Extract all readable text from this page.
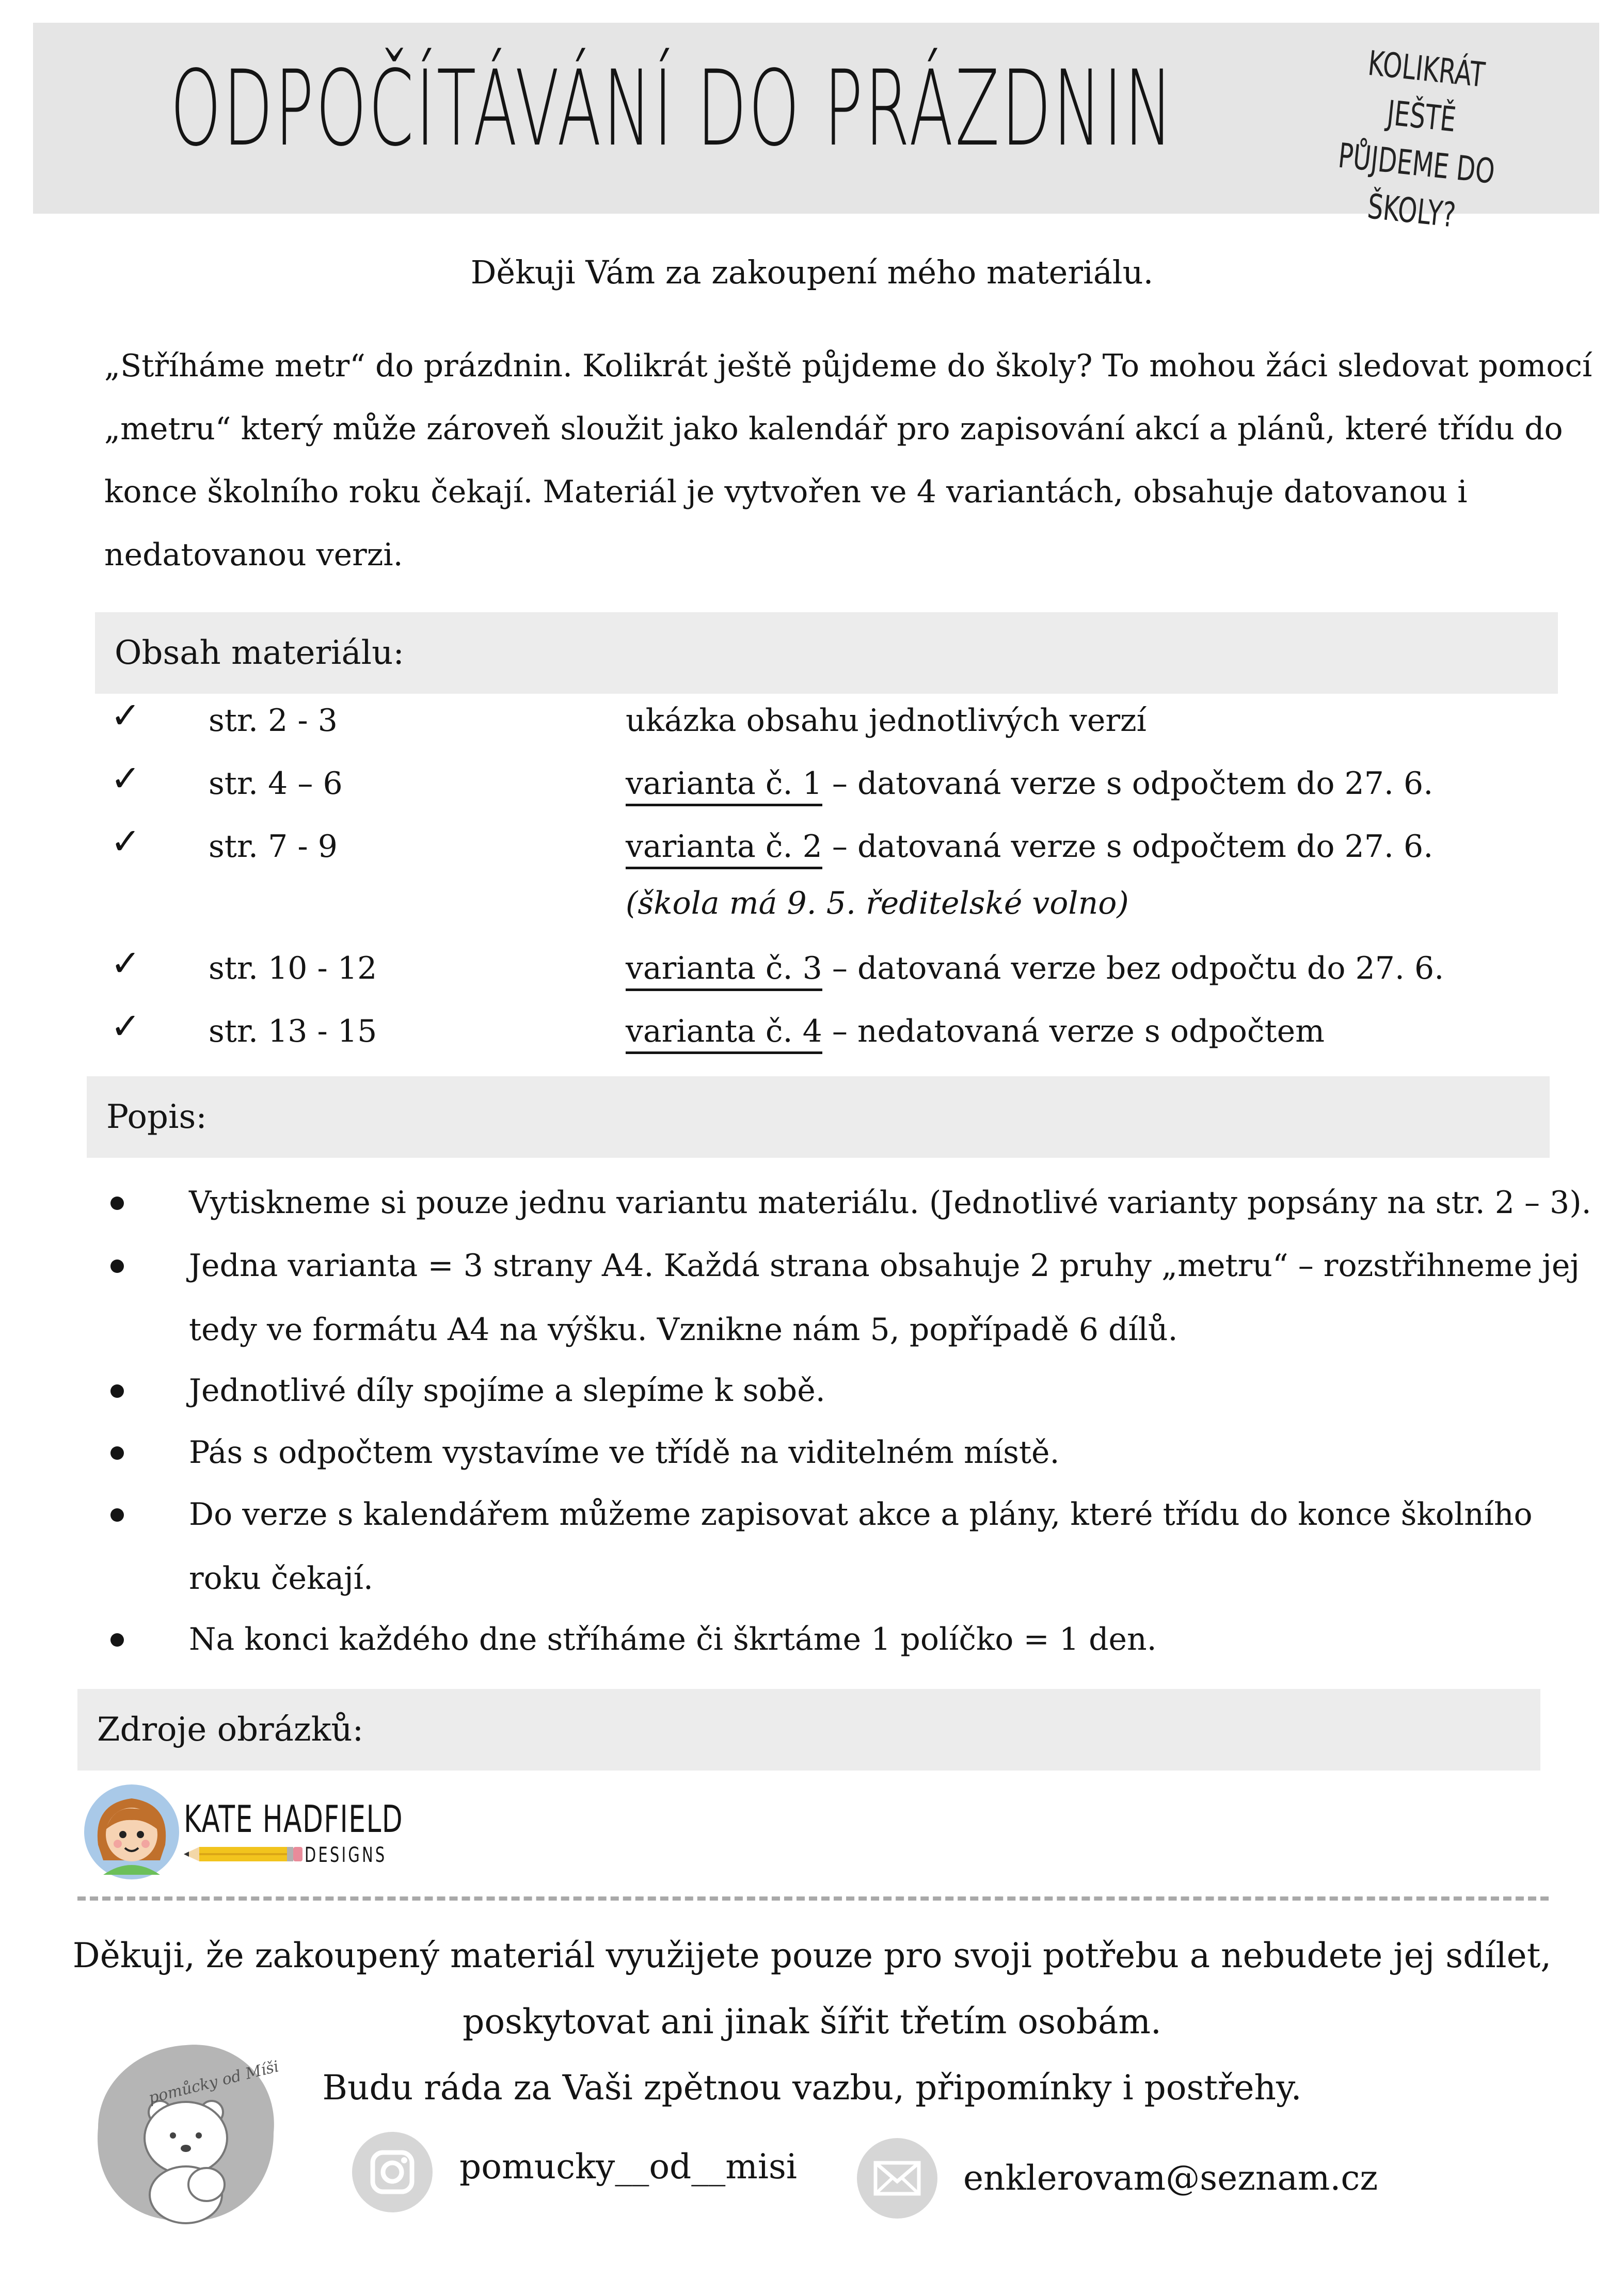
ODPOČÍTÁVÁNÍ DO PRÁZDNIN	KOLIKRÁT JEŠTĚ
PŮJDEME DO ŠKOLY?
Děkuji Vám za zakoupení mého materiálu.
„Stříháme metr“ do prázdnin. Kolikrát ještě půjdeme do školy? To mohou žáci sledovat pomocí
„metru“ který může zároveň sloužit jako kalendář pro zapisování akcí a plánů, které třídu do
konce školního roku čekají. Materiál je vytvořen ve 4 variantách, obsahuje datovanou i
nedatovanou verzi.
Obsah materiálu:
✓ str. 2 - 3	ukázka obsahu jednotlivých verzí
✓ str. 4 – 6	varianta č. 1 – datovaná verze s odpočtem do 27. 6.
✓ str. 7 - 9	varianta č. 2 – datovaná verze s odpočtem do 27. 6.
(škola má 9. 5. ředitelské volno)
✓ str. 10 - 12	varianta č. 3 – datovaná verze bez odpočtu do 27. 6.
✓ str. 13 - 15	varianta č. 4 – nedatovaná verze s odpočtem
Popis:
Vytiskneme si pouze jednu variantu materiálu. (Jednotlivé varianty popsány na str. 2 – 3).
Jedna varianta = 3 strany A4. Každá strana obsahuje 2 pruhy „metru“ – rozstřihneme jej
tedy ve formátu A4 na výšku. Vznikne nám 5, popřípadě 6 dílů.
Jednotlivé díly spojíme a slepíme k sobě.
Pás s odpočtem vystavíme ve třídě na viditelném místě.
Do verze s kalendářem můžeme zapisovat akce a plány, které třídu do konce školního
roku čekají.
Na konci každého dne stříháme či škrtáme 1 políčko = 1 den.
Zdroje obrázků:
KATE HADFIELD
DESIGNS
Děkuji, že zakoupený materiál využijete pouze pro svoji potřebu a nebudete jej sdílet,
poskytovat ani jinak šířit třetím osobám.
Budu ráda za Vaši zpětnou vazbu, připomínky i postřehy.
pomůcky od Míši
pomucky__od__misi	enklerovam@seznam.cz
